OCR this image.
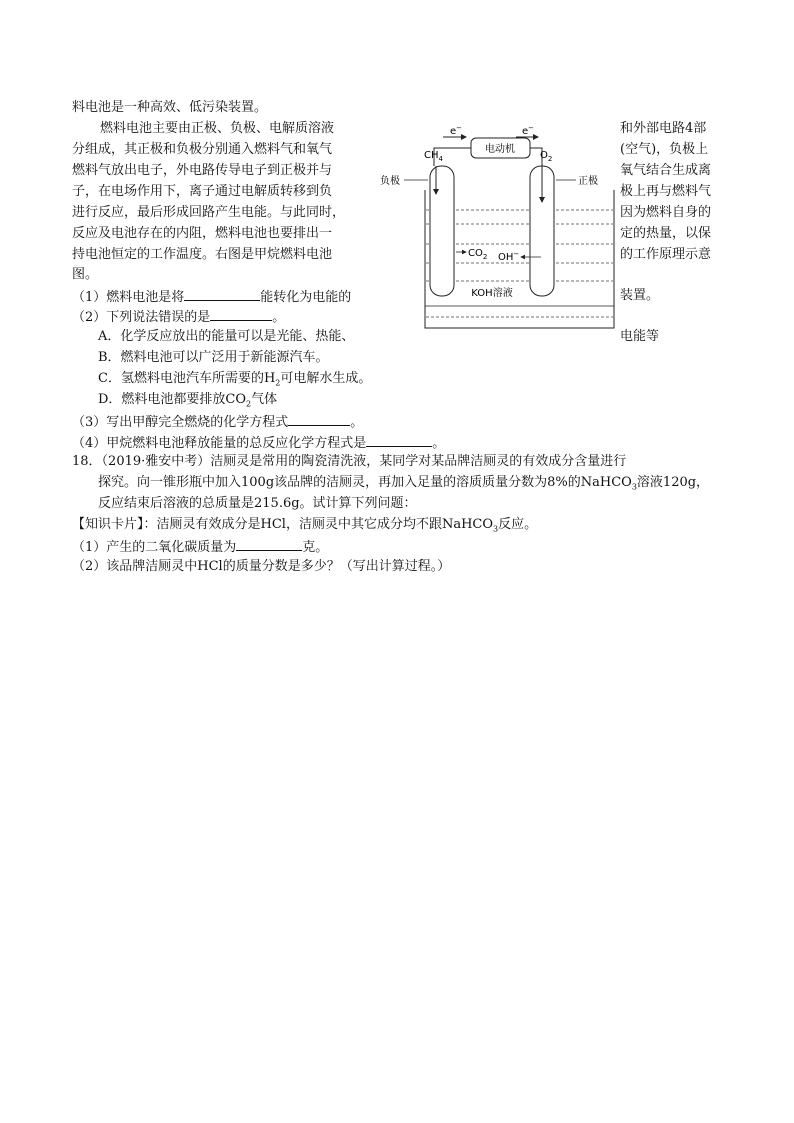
料电池是一种高效、低污染装置。
燃料电池主要由正极、负极、电解质溶液	和外部电路4部
分组成，其正极和负极分别通入燃料气和氧气	(空气)，负极上
燃料气放出电子，外电路传导电子到正极并与	氧气结合生成离
子，在电场作用下，离子通过电解质转移到负	极上再与燃料气
进行反应，最后形成回路产生电能。与此同时，	因为燃料自身的
反应及电池存在的内阻，燃料电池也要排出一	定的热量，以保
持电池恒定的工作温度。右图是甲烷燃料电池	的工作原理示意
图。
（1）燃料电池是将	能转化为电能的	装置。
（2）下列说法错误的是	。
A．化学反应放出的能量可以是光能、热能、	电能等
B．燃料电池可以广泛用于新能源汽车。
C．氢燃料电池汽车所需要的$H_2$可电解水生成。
D．燃料电池都要排放$CO_2$气体
（3）写出甲醇完全燃烧的化学方程式	。
（4）甲烷燃料电池释放能量的总反应化学方程式是	。
18．（2019·雅安中考）洁厕灵是常用的陶瓷清洗液，某同学对某品牌洁厕灵的有效成分含量进行
探究。向一锥形瓶中加入100g该品牌的洁厕灵，再加入足量的溶质质量分数为8%的NaHCO$_3$溶液120g，
反应结束后溶液的总质量是215.6g。试计算下列问题：
【知识卡片】：洁厕灵有效成分是HCl，洁厕灵中其它成分均不跟NaHCO$_3$反应。
（1）产生的二氧化碳质量为	克。
（2）该品牌洁厕灵中HCl的质量分数是多少？（写出计算过程。）
e−	e−
电动机
$CH_4$	$O_2$
负极	正极
$CO_2$ OH−
KOH溶液
